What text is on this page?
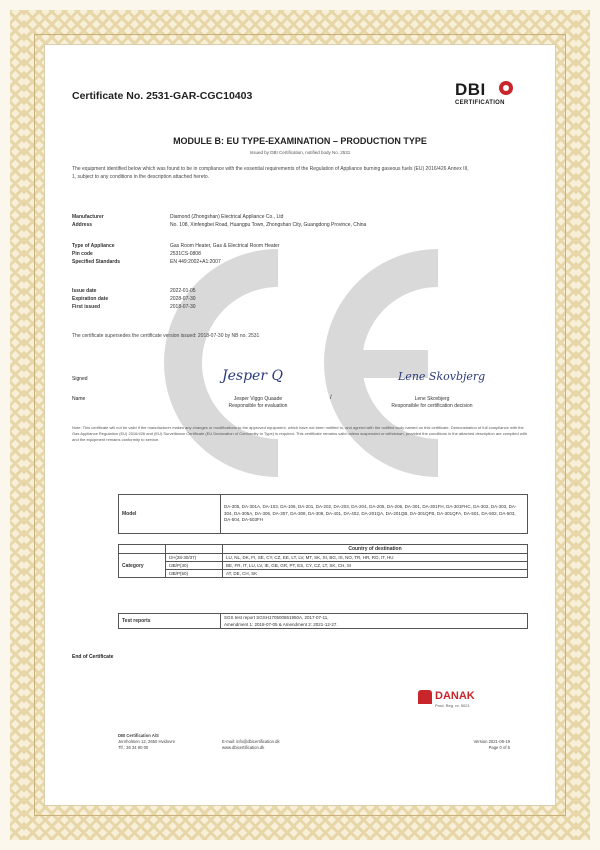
Certificate No. 2531-GAR-CGC10403	DBI
CERTIFICATION
MODULE B: EU TYPE-EXAMINATION – PRODUCTION TYPE
Issued by DBI Certification, notified body No. 2531
The equipment identified below which was found to be in compliance with the essential requirements of the Regulation of Appliance burning gaseous fuels (EU) 2016/426 Annex III, 1, subject to any conditions in the description attached hereto.
Manufacturer	Diamond (Zhongshan) Electrical Appliance Co., Ltd
Address	No. 108, Xinfengbei Road, Huangpu Town, Zhongshan City, Guangdong Province, China
Type of Appliance	Gas Room Heater, Gas & Electrical Room Heater
Pin code	2531CS-0808
Specified Standards	EN 449:2002+A1:2007
Issue date	2022-01-05
Expiration date	2028-07-30
First issued	2018-07-30
The certificate supersedes the certificate version issued: 2018-07-30 by NB no. 2531
Signed
Name
Jesper Q
Jesper Viggo Quaade
Responsible for evaluation
/
Lene Skovbjerg
Lene Skovbjerg
Responsible for certification decision
Note: This certificate will not be valid if the manufacturer makes any changes or modifications to the approved equipment, which have not been notified to, and agreed with the notified body named on this certificate. Demonstration of full compliance with the Gas Appliance Regulation (EU) 2016/426 and (EU) Surveillance Certificate (EU Declaration of Conformity to Type) is required. This certificate remains valid unless suspended or withdrawn, provided the conditions in the attached description are complied with and the equipment remains conformity to service.
Model	DA-305, DA-301A, DA-103, DA-106, DA-201, DA-202, DA-203, DA-204, DA-205, DA-206, DA-301, DA-301FH, DA-301FHC, DA-302, DA-303, DA-304, DA-305A, DA-306, DA-307, DA-308, DA-309, DA-401, DA-402, DA-201QA, DA-201QB, DA-301QFB, DA-301QFA, DA-501, DA-502, DA-503, DA-504, DA-503FH
		Country of destination
Category	I3+(28-30/37)	LU, NL, DK, FI, SE, CY, CZ, EE, LT, LV, MT, SK, SI, BG, IS, NO, TR, HR, RO, IT, HU
	I3B/P(30)	BE, FR, IT, LU, LV, IE, GB, GR, PT, ES, CY, CZ, LT, SK, CH, SI
	I3B/P(50)	AT, DE, CH, SK
Test reports	SGS test report SGSH170500861950A, 2017-07-11,
Amendment 1: 2018-07-05 & Amendment 2: 2021-12-27.
End of Certificate
DANAK
Prod. Reg. nr. 5021
DBI Certification A/S
Jernholmen 12, 2650 Hvidovre
Tlf.: 36 34 90 00
E-mail: info@dbicertification.dk
www.dbicertification.dk
Version 2021-08-19
Page 0 of 6
